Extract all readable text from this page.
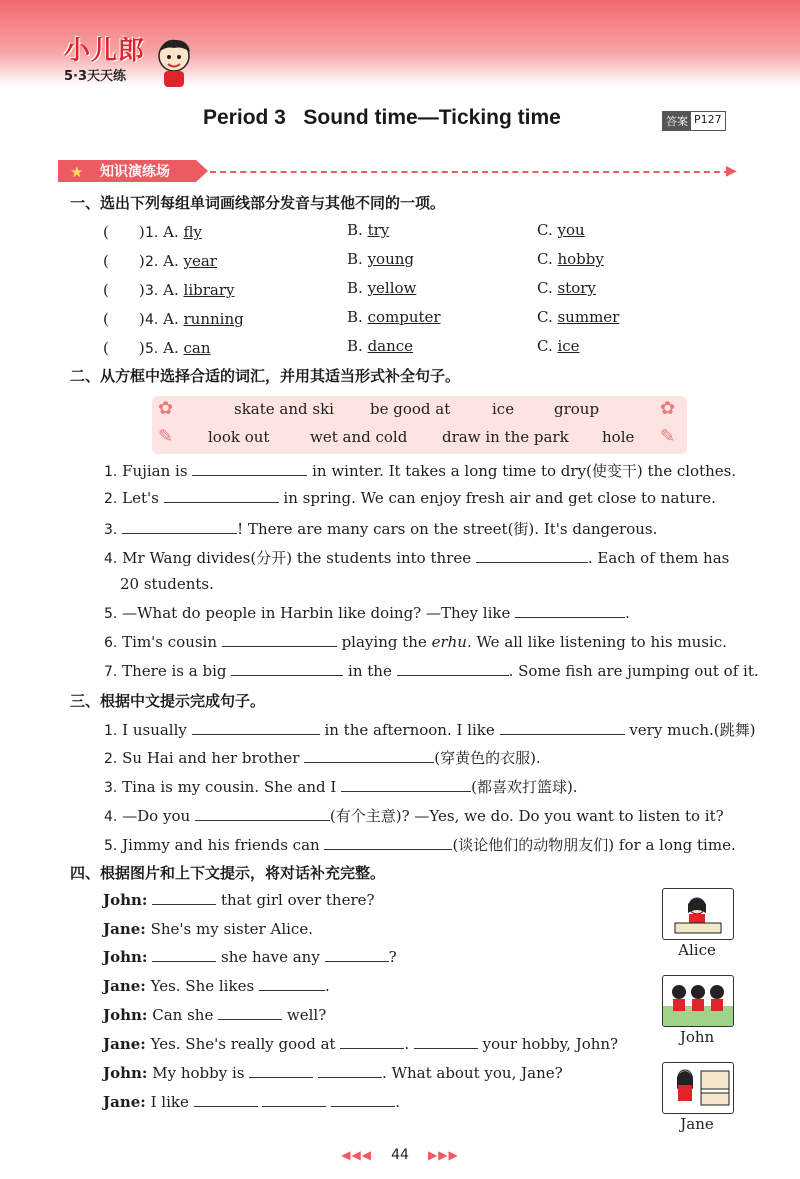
小儿郎
5·3天天练
Period 3   Sound time—Ticking time	答案 P127
★	知识演练场	▶
一、选出下列每组单词画线部分发音与其他不同的一项。
(　　)1. A. fly	B. try	C. you
(　　)2. A. year	B. young	C. hobby
(　　)3. A. library	B. yellow	C. story
(　　)4. A. running	B. computer	C. summer
(　　)5. A. can	B. dance	C. ice
二、从方框中选择合适的词汇，并用其适当形式补全句子。
✿
✎
✿
✎
skate and ski be good at	ice	group
look out	wet and cold draw in the park hole
1. Fujian is	in winter. It takes a long time to dry(使变干) the clothes.
2. Let's	in spring. We can enjoy fresh air and get close to nature.
3.	! There are many cars on the street(街). It's dangerous.
4. Mr Wang divides(分开) the students into three	. Each of them has
20 students.
5. —What do people in Harbin like doing? —They like	.
6. Tim's cousin	playing the erhu. We all like listening to his music.
7. There is a big	in the	. Some fish are jumping out of it.
三、根据中文提示完成句子。
1. I usually	in the afternoon. I like	very much.(跳舞)
2. Su Hai and her brother	(穿黄色的衣服).
3. Tina is my cousin. She and I	(都喜欢打篮球).
4. —Do you	(有个主意)? —Yes, we do. Do you want to listen to it?
5. Jimmy and his friends can	(谈论他们的动物朋友们) for a long time.
四、根据图片和上下文提示，将对话补充完整。
John:	that girl over there?
Jane: She's my sister Alice.
John:	she have any	?
Jane: Yes. She likes	.
John: Can she	well?
Jane: Yes. She's really good at	.	your hobby, John?
John: My hobby is	. What about you, Jane?
Jane: I like	.
Alice
John
Jane
◀◀◀ 44 ▶▶▶
